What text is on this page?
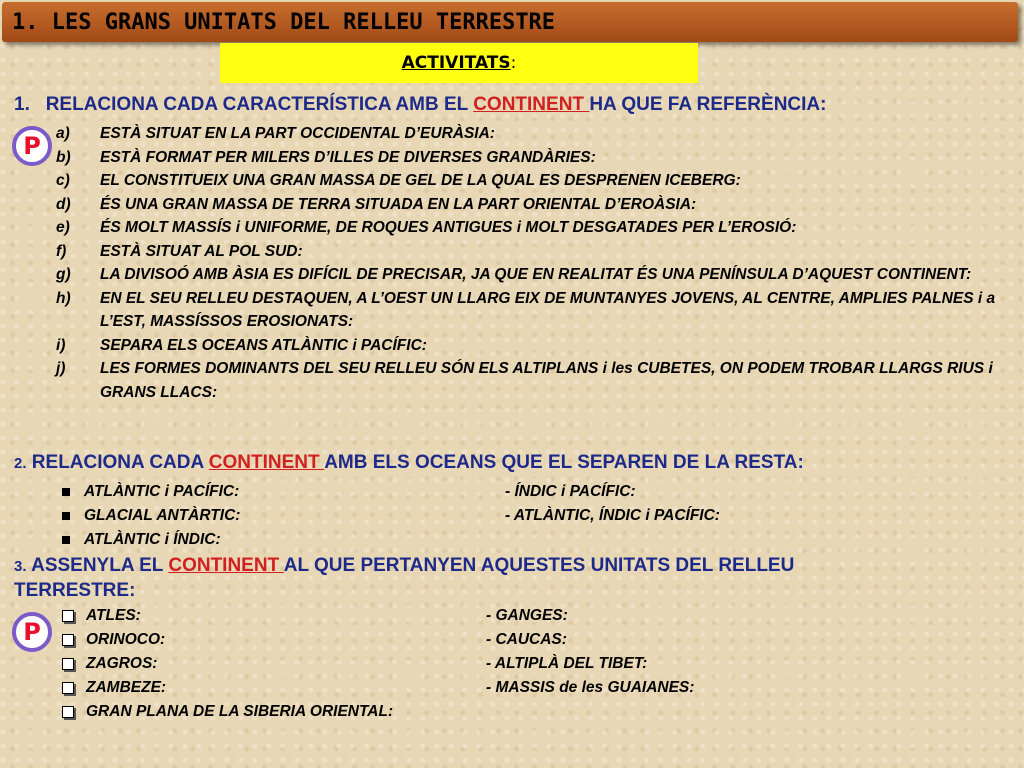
1. LES GRANS UNITATS DEL RELLEU TERRESTRE
ACTIVITATS:
1. RELACIONA CADA CARACTERÍSTICA AMB EL CONTINENT HA QUE FA REFERÈNCIA:
P a) ESTÀ SITUAT EN LA PART OCCIDENTAL D’EURÀSIA:
b) ESTÀ FORMAT PER MILERS D’ILLES DE DIVERSES GRANDÀRIES:
c) EL CONSTITUEIX UNA GRAN MASSA DE GEL DE LA QUAL ES DESPRENEN ICEBERG:
d) ÉS UNA GRAN MASSA DE TERRA SITUADA EN LA PART ORIENTAL D’EROÀSIA:
e) ÉS MOLT MASSÍS i UNIFORME, DE ROQUES ANTIGUES i MOLT DESGATADES PER L’EROSIÓ:
f) ESTÀ SITUAT AL POL SUD:
g) LA DIVISOÓ AMB ÀSIA ES DIFÍCIL DE PRECISAR, JA QUE EN REALITAT ÉS UNA PENÍNSULA D’AQUEST CONTINENT:
h) EN EL SEU RELLEU DESTAQUEN, A L’OEST UN LLARG EIX DE MUNTANYES JOVENS, AL CENTRE, AMPLIES PALNES i a L’EST, MASSÍSSOS EROSIONATS:
i) SEPARA ELS OCEANS ATLÀNTIC i PACÍFIC:
j) LES FORMES DOMINANTS DEL SEU RELLEU SÓN ELS ALTIPLANS i les CUBETES, ON PODEM TROBAR LLARGS RIUS i GRANS LLACS:
2. RELACIONA CADA CONTINENT AMB ELS OCEANS QUE EL SEPAREN DE LA RESTA:
ATLÀNTIC i PACÍFIC:
GLACIAL ANTÀRTIC:
ATLÀNTIC i ÍNDIC:
- ÍNDIC i PACÍFIC:
- ATLÀNTIC, ÍNDIC i PACÍFIC:
3. ASSENYLA EL CONTINENT AL QUE PERTANYEN AQUESTES UNITATS DEL RELLEU
TERRESTRE:
P
ATLES:
ORINOCO:
ZAGROS:
ZAMBEZE:
GRAN PLANA DE LA SIBERIA ORIENTAL:
- GANGES:
- CAUCAS:
- ALTIPLÀ DEL TIBET:
- MASSIS de les GUAIANES:
